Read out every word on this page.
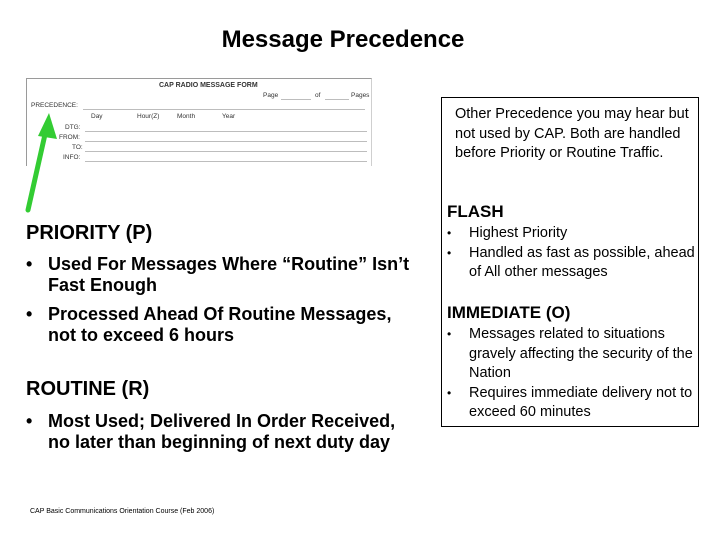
Message Precedence
CAP RADIO MESSAGE FORM
Page	of	Pages
PRECEDENCE:
Day	Hour(Z)	Month	Year
DTG:
FROM:
TO:
INFO:
PRIORITY (P)
• Used For Messages Where “Routine” Isn’t Fast Enough
• Processed Ahead Of Routine Messages, not to exceed 6 hours
ROUTINE (R)
• Most Used; Delivered In Order Received, no later than beginning of next duty day

Other Precedence you may hear but not used by CAP. Both are handled before Priority or Routine Traffic.

FLASH
• Highest Priority
• Handled as fast as possible, ahead of All other messages
IMMEDIATE (O)
• Messages related to situations gravely affecting the security of the Nation
• Requires immediate delivery not to exceed 60 minutes

CAP Basic Communications Orientation Course (Feb 2006)
